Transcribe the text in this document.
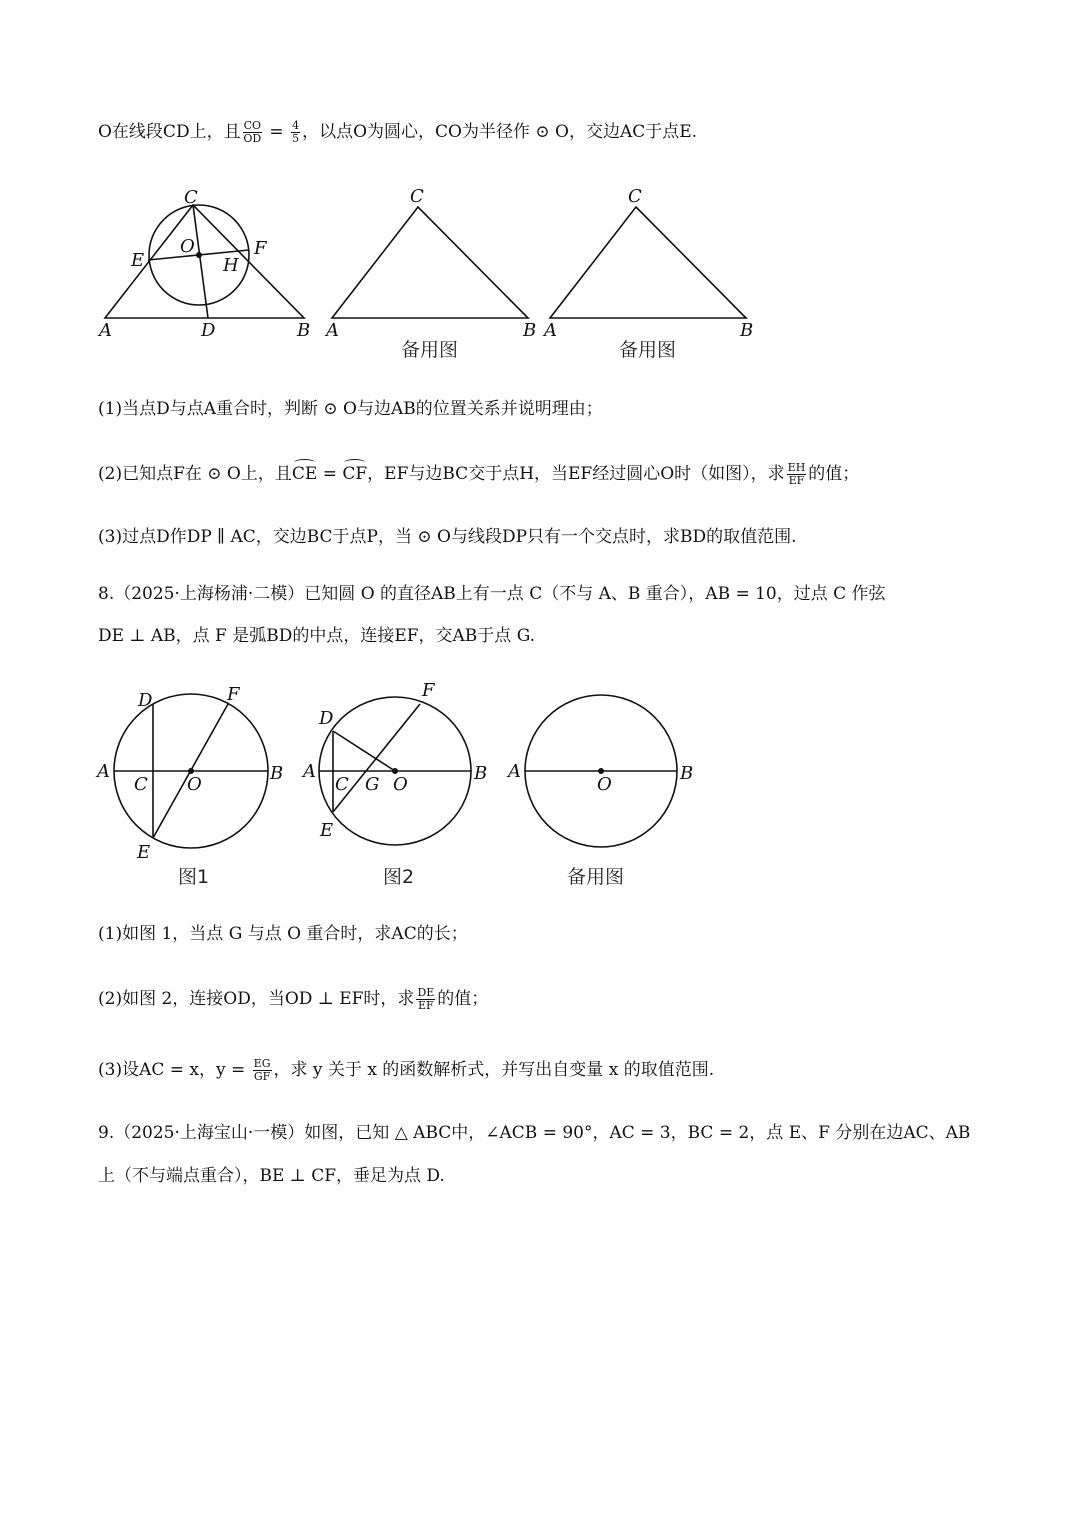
O在线段CD上，且 $\frac{CO}{OD} = \frac{4}{5}$ ，以点O为圆心，CO为半径作 ⊙ O，交边AC于点E.
C
E
O	F
H
A	D	B
C
A	B
备用图
C
A	B
备用图
(1)当点D与点A重合时，判断 ⊙ O与边AB的位置关系并说明理由；
(2)已知点F在 ⊙ O上，且CE = CF，EF与边BC交于点H，当EF经过圆心O时（如图），求 $\frac{EH}{EF}$ 的值；
(3)过点D作DP ∥ AC，交边BC于点P，当 ⊙ O与线段DP只有一个交点时，求BD的取值范围.
8.（2025·上海杨浦·二模）已知圆 O 的直径AB上有一点 C（不与 A、B 重合），AB = 10，过点 C 作弦
DE ⊥ AB，点 F 是弧BD的中点，连接EF，交AB于点 G.
D	F
A	B
C O
E
图1
D
F
A	B
C G O
E
图2
A	B
O
备用图
(1)如图 1，当点 G 与点 O 重合时，求AC的长；
(2)如图 2，连接OD，当OD ⊥ EF时，求 $\frac{DE}{EF}$ 的值；
(3)设AC = x，$y = \frac{EG}{GF}$ ，求 y 关于 x 的函数解析式，并写出自变量 x 的取值范围.
9.（2025·上海宝山·一模）如图，已知 △ ABC中，∠ACB = 90°，AC = 3，BC = 2，点 E、F 分别在边AC、AB
上（不与端点重合），BE ⊥ CF，垂足为点 D.
